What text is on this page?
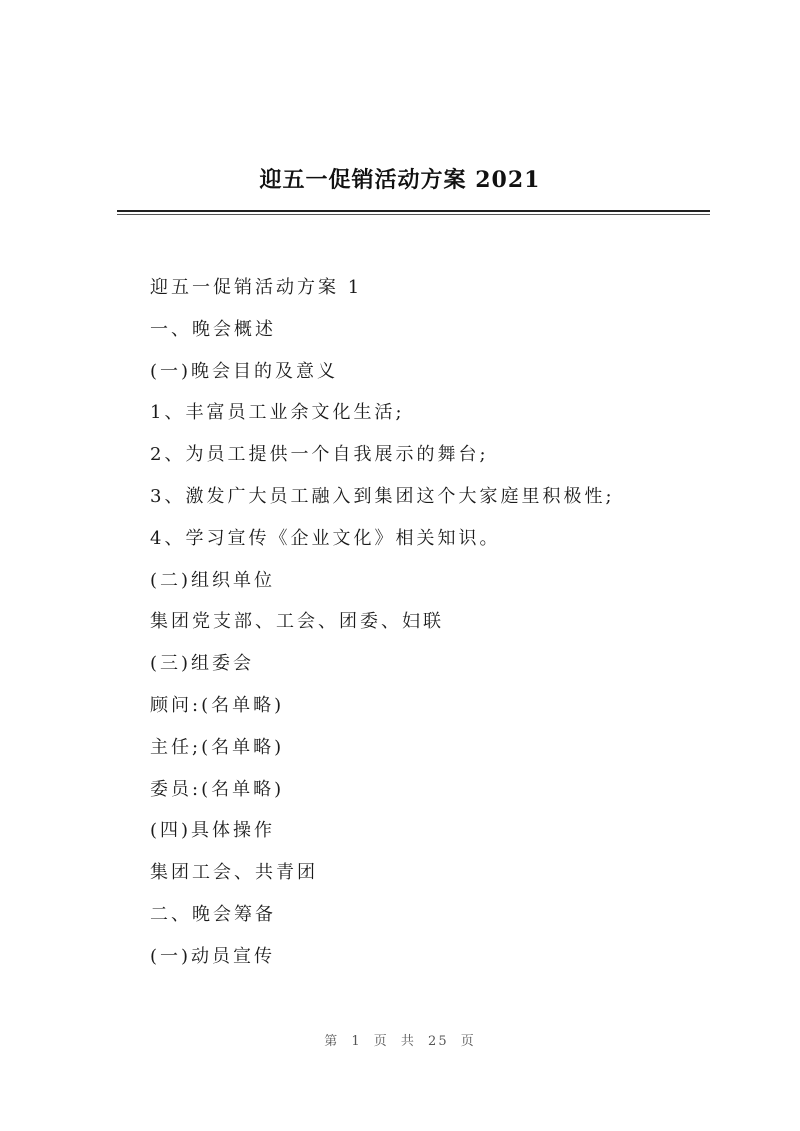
迎五一促销活动方案 2021
迎五一促销活动方案 1
一、晚会概述
(一)晚会目的及意义
1、丰富员工业余文化生活;
2、为员工提供一个自我展示的舞台;
3、激发广大员工融入到集团这个大家庭里积极性;
4、学习宣传《企业文化》相关知识。
(二)组织单位
集团党支部、工会、团委、妇联
(三)组委会
顾问:(名单略)
主任;(名单略)
委员:(名单略)
(四)具体操作
集团工会、共青团
二、晚会筹备
(一)动员宣传
第 1 页 共 25 页
